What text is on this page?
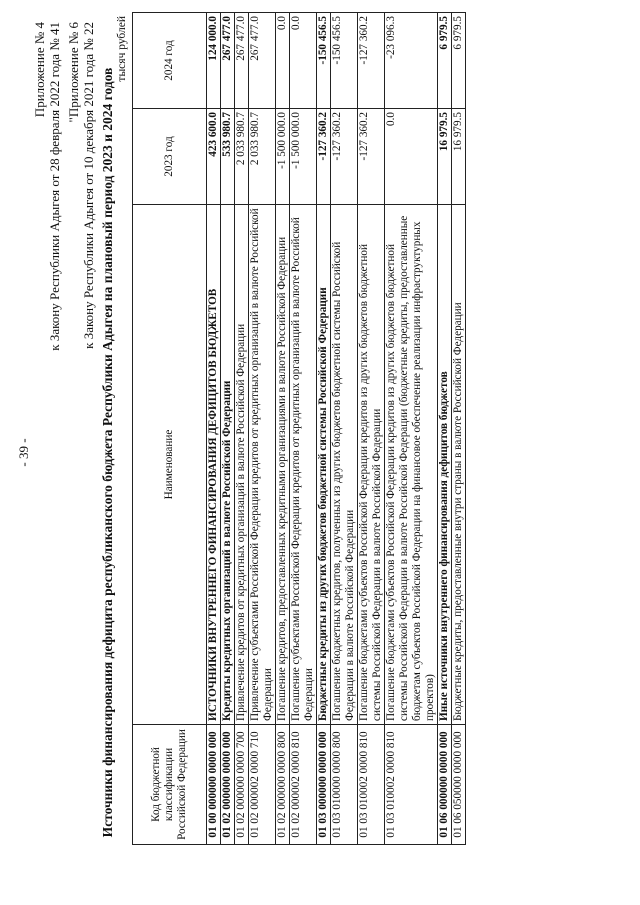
- 39 -
Приложение № 4 к Закону Республики Адыгея от 28 февраля 2022 года № 41 "Приложение № 6 к Закону Республики Адыгея от 10 декабря 2021 года № 22 Источники финансирования дефицита республиканского бюджета Республики Адыгея на плановый период 2023 и 2024 годов
тысяч рублей
Код бюджетной классификации Российской Федерации	Наименование	2023 год	2024 год
01 00 000000 0000 000	ИСТОЧНИКИ ВНУТРЕННЕГО ФИНАНСИРОВАНИЯ ДЕФИЦИТОВ БЮДЖЕТОВ	423 600.0	124 000.0
01 02 000000 0000 000	Кредиты кредитных организаций в валюте Российской Федерации	533 980.7	267 477.0
01 02 000000 0000 700	Привлечение кредитов от кредитных организаций в валюте Российской Федерации	2 033 980.7	267 477.0
01 02 000002 0000 710	Привлечение субъектами Российской Федерации кредитов от кредитных организаций в валюте Российской Федерации	2 033 980.7	267 477.0
01 02 000000 0000 800	Погашение кредитов, предоставленных кредитными организациями в валюте Российской Федерации	-1 500 000.0	0.0
01 02 000002 0000 810	Погашение субъектами Российской Федерации кредитов от кредитных организаций в валюте Российской Федерации	-1 500 000.0	0.0
01 03 000000 0000 000	Бюджетные кредиты из других бюджетов бюджетной системы Российской Федерации	-127 360.2	-150 456.5
01 03 010000 0000 800	Погашение бюджетных кредитов, полученных из других бюджетов бюджетной системы Российской Федерации в валюте Российской Федерации	-127 360.2	-150 456.5
01 03 010002 0000 810	Погашение бюджетами субъектов Российской Федерации кредитов из других бюджетов бюджетной системы Российской Федерации в валюте Российской Федерации	-127 360.2	-127 360.2
01 03 010002 0000 810	Погашение бюджетами субъектов Российской Федерации кредитов из других бюджетов бюджетной системы Российской Федерации в валюте Российской Федерации (бюджетные кредиты, предоставленные бюджетам субъектов Российской Федерации на финансовое обеспечение реализации инфраструктурных проектов)	0.0	-23 096.3
01 06 000000 0000 000	Иные источники внутреннего финансирования дефицитов бюджетов	16 979.5	6 979.5
01 06 050000 0000 000	Бюджетные кредиты, предоставленные внутри страны в валюте Российской Федерации	16 979.5	6 979.5
